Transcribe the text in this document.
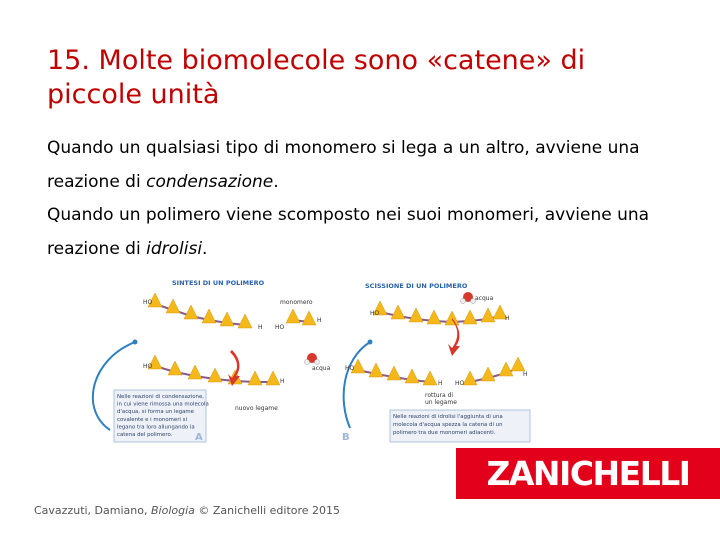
15. Molte biomolecole sono «catene» di piccole unità

Quando un qualsiasi tipo di monomero si lega a un altro, avviene una reazione di condensazione.

Quando un polimero viene scomposto nei suoi monomeri, avviene una reazione di idrolisi.

SINTESI DI UN POLIMERO	SCISSIONE DI UN POLIMERO
HO	monomero
H HO
H
HO
H
acqua
nuovo legame
HO
H
acqua
HO
H HO
H
rottura di
un legame
Nelle reazioni di condensazione,
in cui viene rimossa una molecola
d'acqua, si forma un legame
covalente e i monomeri si
legano tra loro allungando la
catena del polimero.
Nelle reazioni di idrolisi l'aggiunta di una
molecola d'acqua spezza la catena di un
polimero tra due monomeri adiacenti.
A	B
Cavazzuti, Damiano, Biologia © Zanichelli editore 2015
ZANICHELLI
